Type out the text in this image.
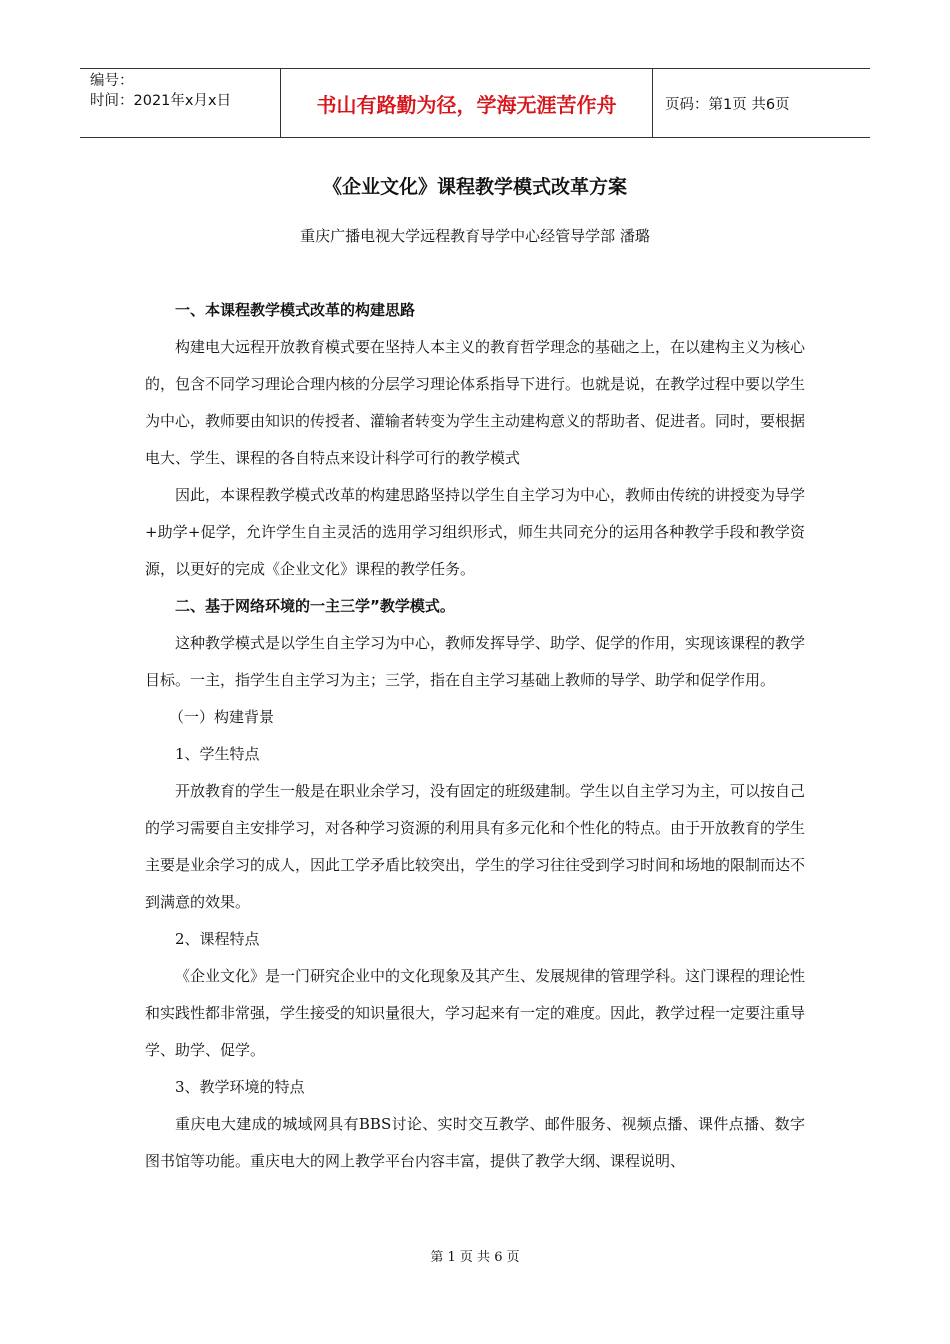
编号：
时间：2021年x月x日	书山有路勤为径，学海无涯苦作舟	页码：第1页 共6页
《企业文化》课程教学模式改革方案
重庆广播电视大学远程教育导学中心经管导学部 潘璐

一、本课程教学模式改革的构建思路

构建电大远程开放教育模式要在坚持人本主义的教育哲学理念的基础之上，在以建构主义为核心的，包含不同学习理论合理内核的分层学习理论体系指导下进行。也就是说，在教学过程中要以学生为中心，教师要由知识的传授者、灌输者转变为学生主动建构意义的帮助者、促进者。同时，要根据电大、学生、课程的各自特点来设计科学可行的教学模式

因此，本课程教学模式改革的构建思路坚持以学生自主学习为中心，教师由传统的讲授变为导学+助学+促学，允许学生自主灵活的选用学习组织形式，师生共同充分的运用各种教学手段和教学资源，以更好的完成《企业文化》课程的教学任务。

二、基于网络环境的一主三学”教学模式。

这种教学模式是以学生自主学习为中心，教师发挥导学、助学、促学的作用，实现该课程的教学目标。一主，指学生自主学习为主；三学，指在自主学习基础上教师的导学、助学和促学作用。

（一）构建背景

1、学生特点

开放教育的学生一般是在职业余学习，没有固定的班级建制。学生以自主学习为主，可以按自己的学习需要自主安排学习，对各种学习资源的利用具有多元化和个性化的特点。由于开放教育的学生主要是业余学习的成人，因此工学矛盾比较突出，学生的学习往往受到学习时间和场地的限制而达不到满意的效果。

2、课程特点

《企业文化》是一门研究企业中的文化现象及其产生、发展规律的管理学科。这门课程的理论性和实践性都非常强，学生接受的知识量很大，学习起来有一定的难度。因此，教学过程一定要注重导学、助学、促学。

3、教学环境的特点

重庆电大建成的城域网具有BBS讨论、实时交互教学、邮件服务、视频点播、课件点播、数字图书馆等功能。重庆电大的网上教学平台内容丰富，提供了教学大纲、课程说明、

第 1 页 共 6 页
